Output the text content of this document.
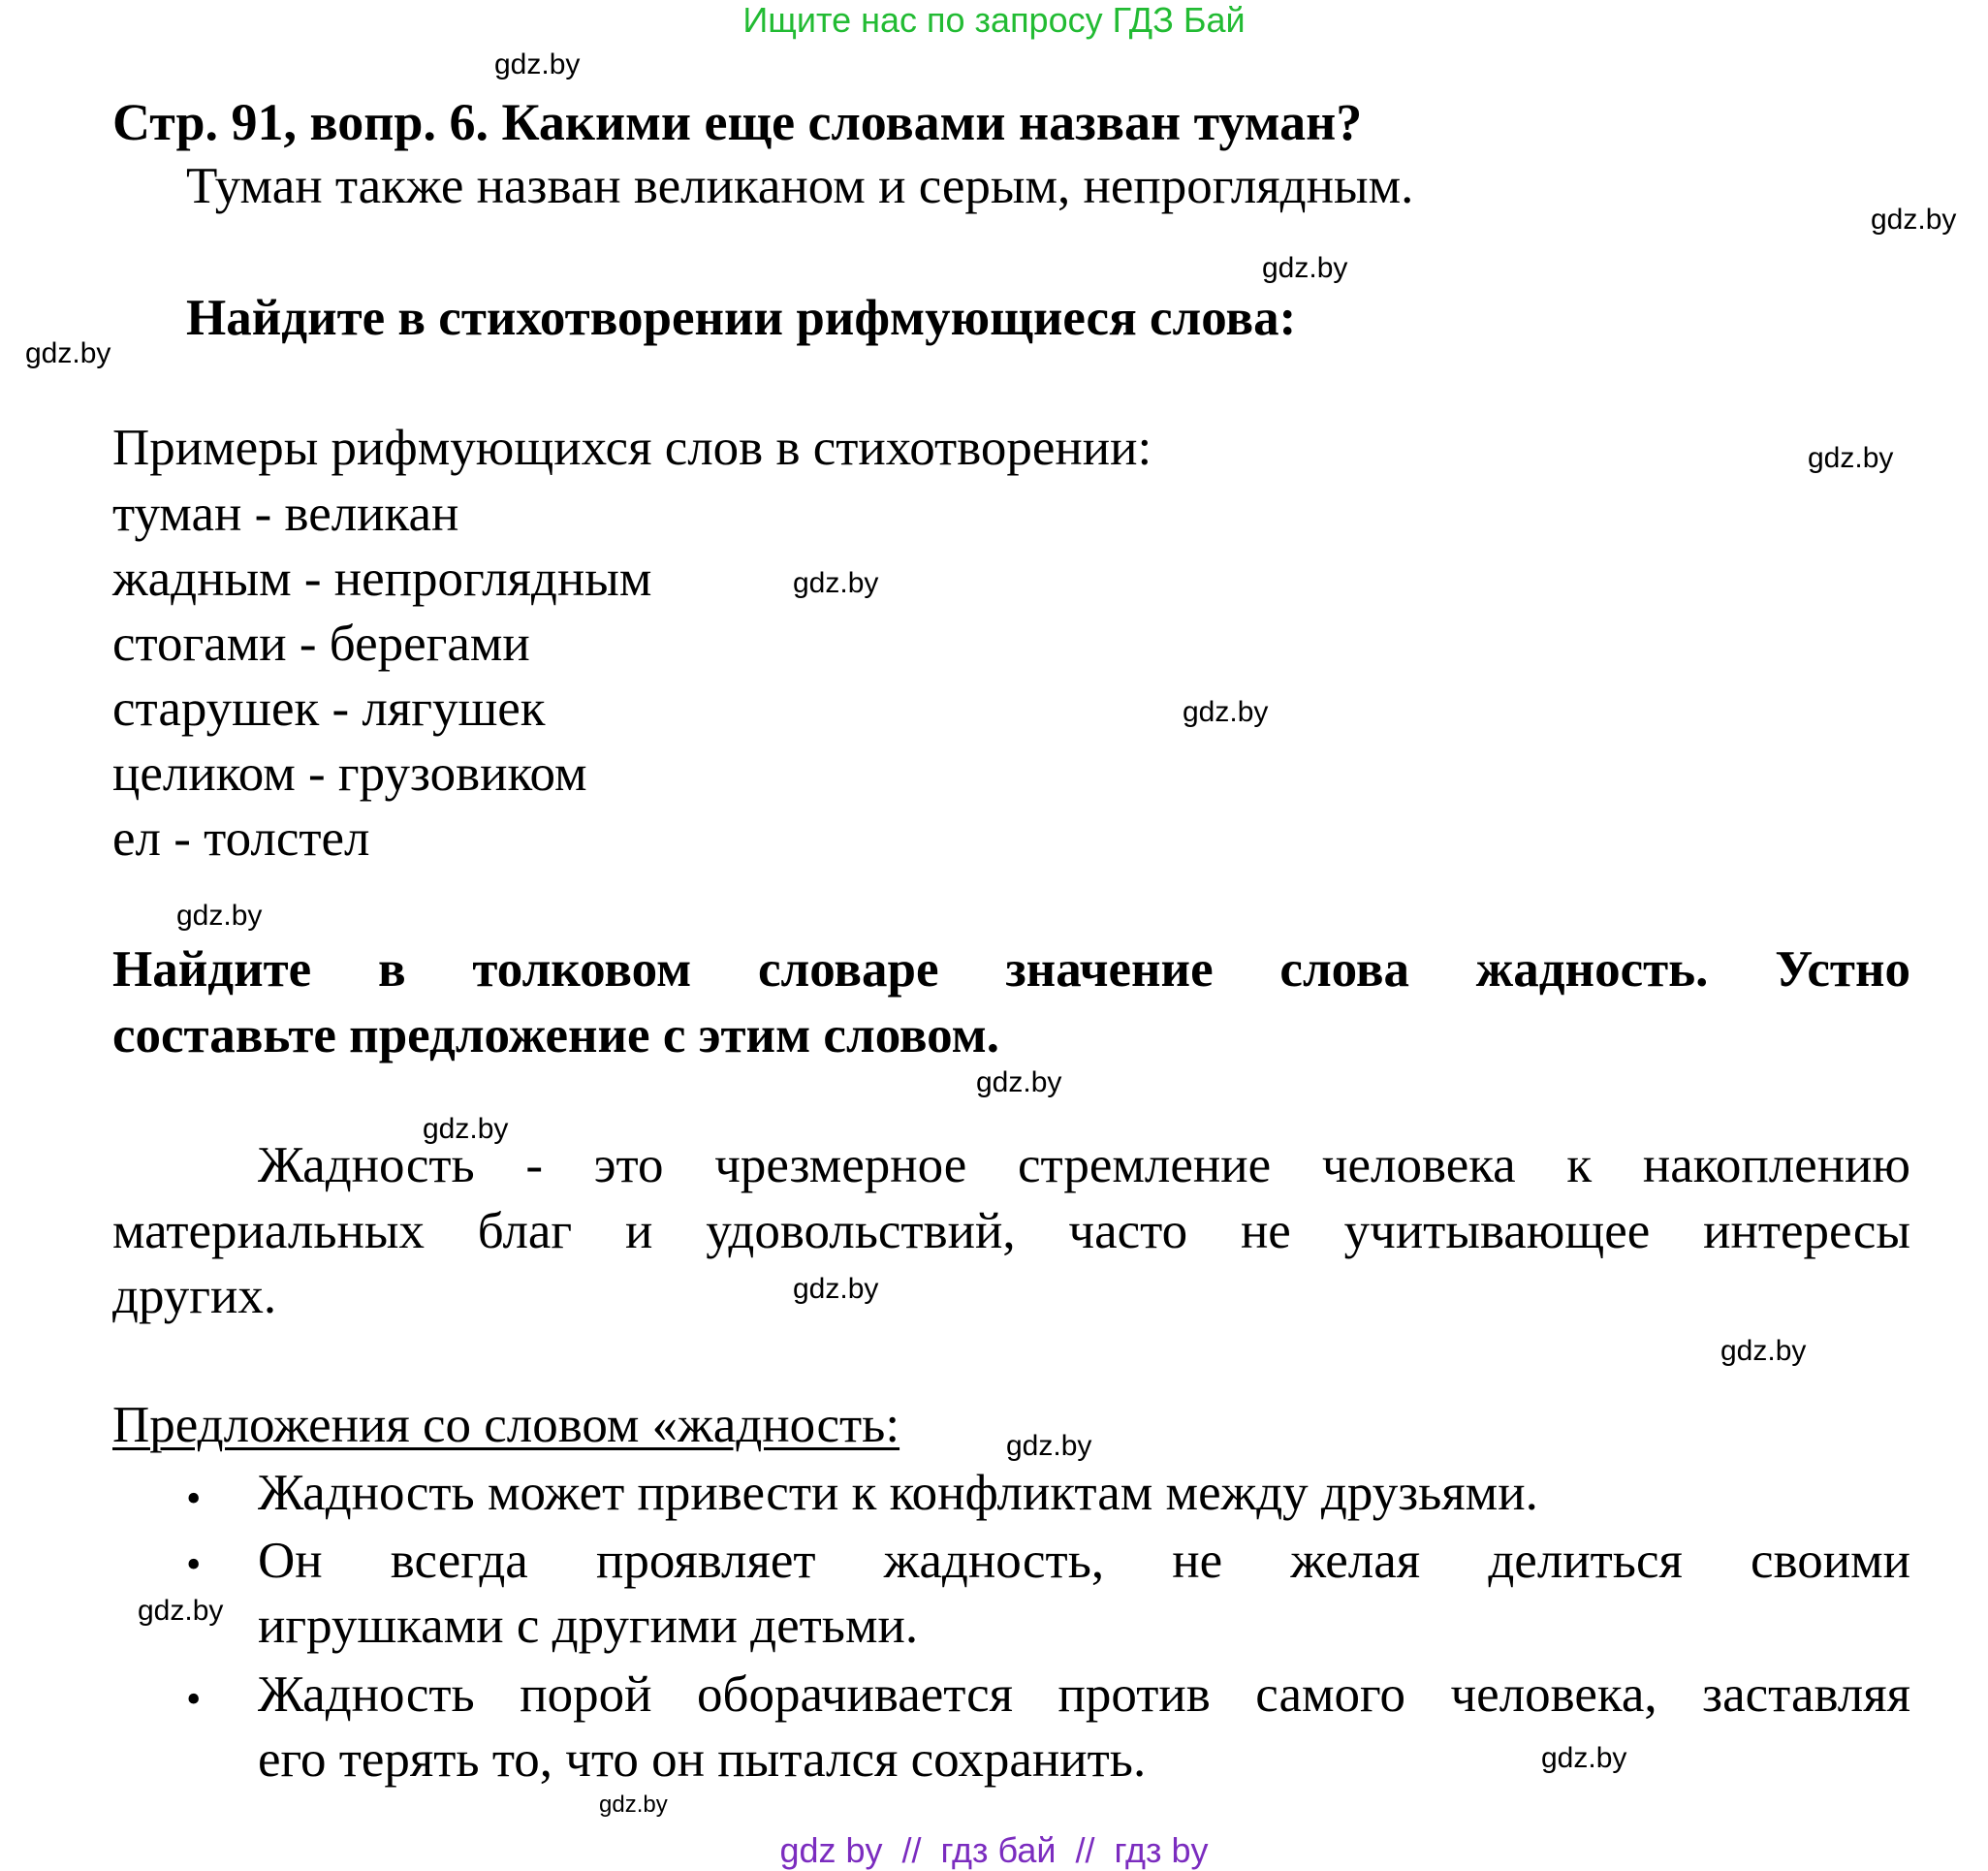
Ищите нас по запросу ГДЗ Бай
gdz.by
gdz.by
gdz.by
gdz.by
gdz.by
gdz.by
gdz.by
gdz.by
gdz.by
gdz.by
gdz.by
gdz.by
gdz.by
gdz.by
gdz.by
gdz.by
Стр. 91, вопр. 6. Какими еще словами назван туман?
Туман также назван великаном и серым, непроглядным.
Найдите в стихотворении рифмующиеся слова:
Примеры рифмующихся слов в стихотворении:
туман - великан
жадным - непроглядным
стогами - берегами
старушек - лягушек
целиком - грузовиком
ел - толстел
Найдите в толковом словаре значение слова жадность. Устно
составьте предложение с этим словом.
Жадность - это чрезмерное стремление человека к накоплению
материальных благ и удовольствий, часто не учитывающее интересы
других.
Предложения со словом «жадность:
• Жадность может привести к конфликтам между друзьями.
• Он всегда проявляет жадность, не желая делиться своими
игрушками с другими детьми.
• Жадность порой оборачивается против самого человека, заставляя
его терять то, что он пытался сохранить.
gdz by  //  гдз бай  //  гдз by
